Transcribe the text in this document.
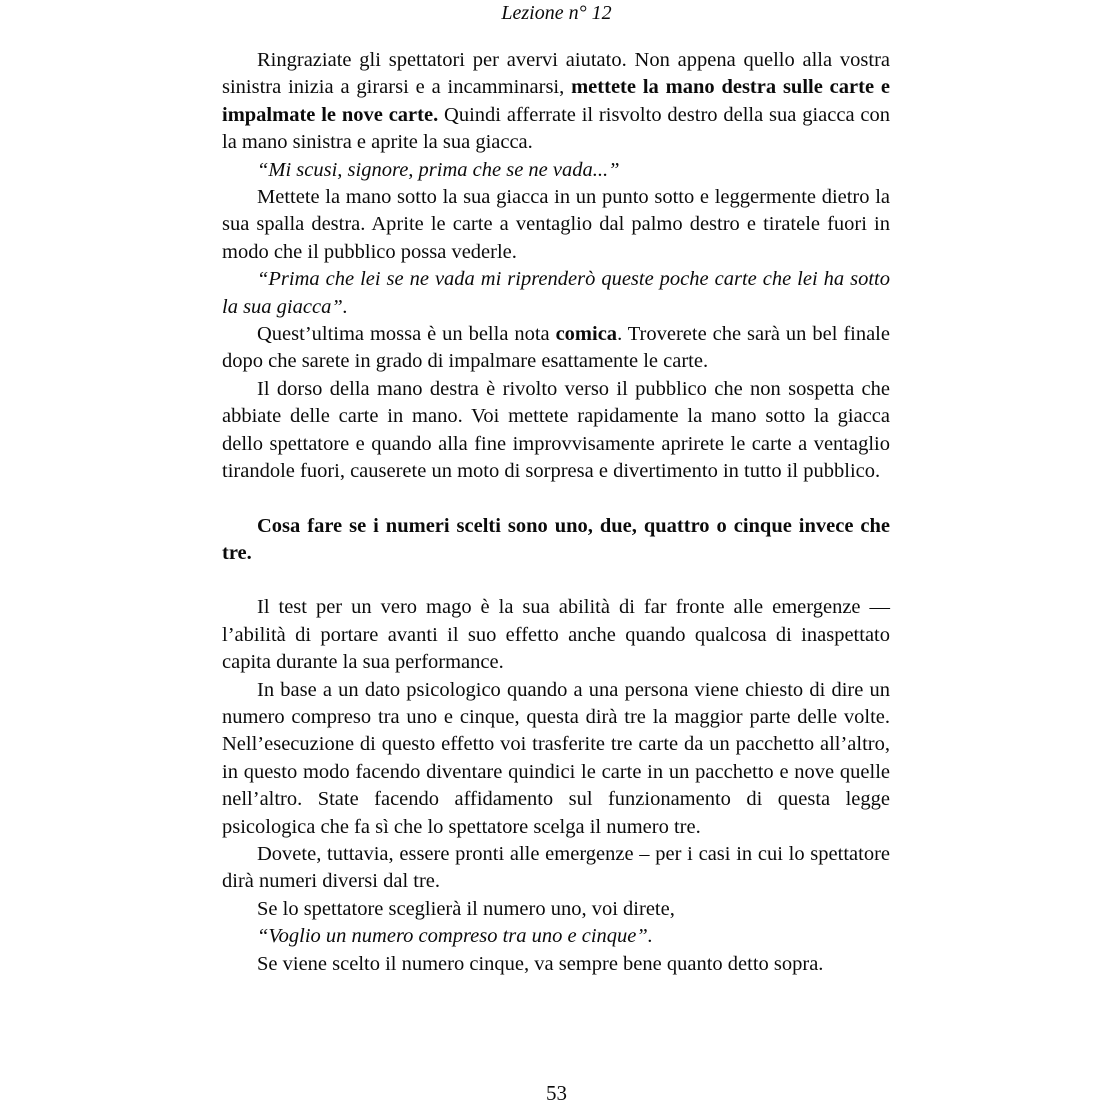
Lezione n° 12

Ringraziate gli spettatori per avervi aiutato. Non appena quello alla vostra sinistra inizia a girarsi e a incamminarsi, mettete la mano destra sulle carte e impalmate le nove carte. Quindi afferrate il risvolto destro della sua giacca con la mano sinistra e aprite la sua giacca.

“Mi scusi, signore, prima che se ne vada...”

Mettete la mano sotto la sua giacca in un punto sotto e leggermente dietro la sua spalla destra. Aprite le carte a ventaglio dal palmo destro e tiratele fuori in modo che il pubblico possa vederle.

“Prima che lei se ne vada mi riprenderò queste poche carte che lei ha sotto la sua giacca”.

Quest’ultima mossa è un bella nota comica. Troverete che sarà un bel finale dopo che sarete in grado di impalmare esattamente le carte.

Il dorso della mano destra è rivolto verso il pubblico che non sospetta che abbiate delle carte in mano. Voi mettete rapidamente la mano sotto la giacca dello spettatore e quando alla fine improvvisamente aprirete le carte a ventaglio tirandole fuori, causerete un moto di sorpresa e divertimento in tutto il pubblico.

Cosa fare se i numeri scelti sono uno, due, quattro o cinque invece che tre.

Il test per un vero mago è la sua abilità di far fronte alle emergenze — l’abilità di portare avanti il suo effetto anche quando qualcosa di inaspettato capita durante la sua performance.

In base a un dato psicologico quando a una persona viene chiesto di dire un numero compreso tra uno e cinque, questa dirà tre la maggior parte delle volte. Nell’esecuzione di questo effetto voi trasferite tre carte da un pacchetto all’altro, in questo modo facendo diventare quindici le carte in un pacchetto e nove quelle nell’altro. State facendo affidamento sul funzionamento di questa legge psicologica che fa sì che lo spettatore scelga il numero tre.

Dovete, tuttavia, essere pronti alle emergenze – per i casi in cui lo spettatore dirà numeri diversi dal tre.

Se lo spettatore sceglierà il numero uno, voi direte,

“Voglio un numero compreso tra uno e cinque”.

Se viene scelto il numero cinque, va sempre bene quanto detto sopra.

53
